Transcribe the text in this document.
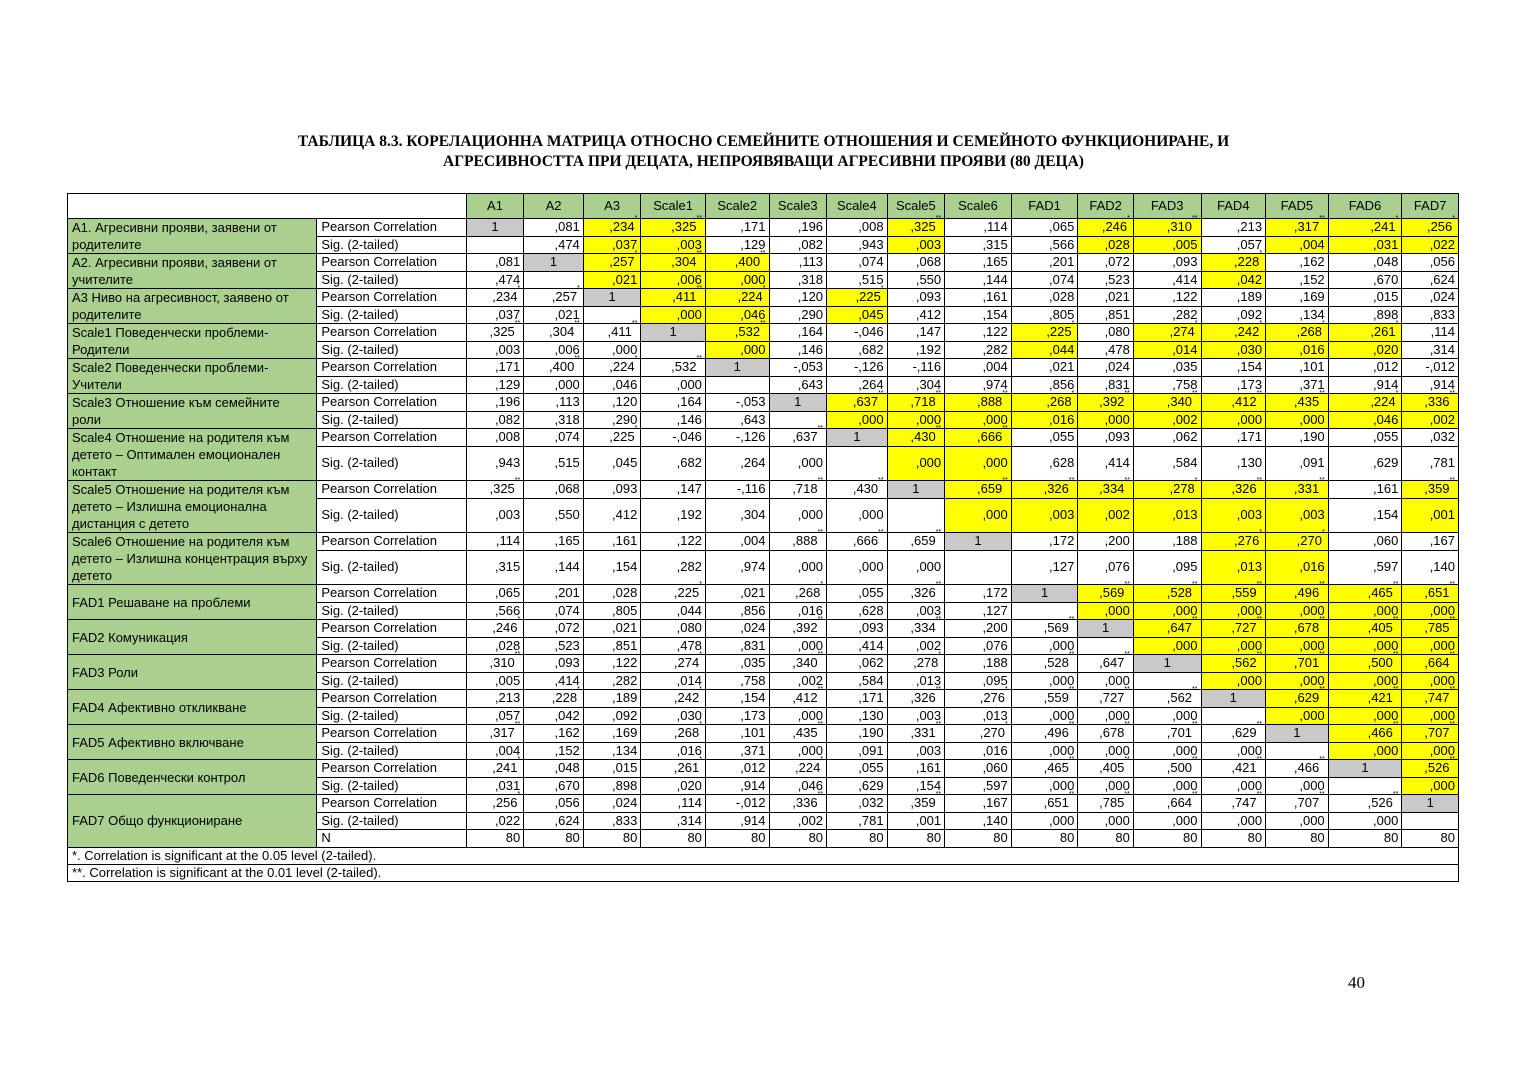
ТАБЛИЦА 8.3. КОРЕЛАЦИОННА МАТРИЦА ОТНОСНО СЕМЕЙНИТЕ ОТНОШЕНИЯ И СЕМЕЙНОТО ФУНКЦИОНИРАНЕ, И
АГРЕСИВНОСТТА ПРИ ДЕЦАТА, НЕПРОЯВЯВАЩИ АГРЕСИВНИ ПРОЯВИ (80 ДЕЦА)
		A1	A2	A3	Scale1	Scale2	Scale3	Scale4	Scale5	Scale6	FAD1	FAD2	FAD3	FAD4	FAD5	FAD6	FAD7
A1. Агресивни прояви, заявени от родителите	Pearson Correlation	1	,081	,234*	,325**	,171	,196	,008	,325**	,114	,065	,246*	,310**	,213	,317**	,241*	,256*
	Sig. (2-tailed)		,474	,037	,003	,129	,082	,943	,003	,315	,566	,028	,005	,057	,004	,031	,022
A2. Агресивни прояви, заявени от учителите	Pearson Correlation	,081	1	,257*	,304**	,400**	,113	,074	,068	,165	,201	,072	,093	,228*	,162	,048	,056
	Sig. (2-tailed)	,474		,021	,006	,000	,318	,515	,550	,144	,074	,523	,414	,042	,152	,670	,624
A3 Ниво на агресивност, заявено от родителите	Pearson Correlation	,234*	,257*	1	,411**	,224*	,120	,225*	,093	,161	,028	,021	,122	,189	,169	,015	,024
	Sig. (2-tailed)	,037	,021		,000	,046	,290	,045	,412	,154	,805	,851	,282	,092	,134	,898	,833
Scale1 Поведенчески проблеми-Родители	Pearson Correlation	,325**	,304**	,411**	1	,532**	,164	-,046	,147	,122	,225*	,080	,274*	,242*	,268*	,261*	,114
	Sig. (2-tailed)	,003	,006	,000		,000	,146	,682	,192	,282	,044	,478	,014	,030	,016	,020	,314
Scale2 Поведенчески проблеми-Учители	Pearson Correlation	,171	,400**	,224*	,532**	1	-,053	-,126	-,116	,004	,021	,024	,035	,154	,101	,012	-,012
	Sig. (2-tailed)	,129	,000	,046	,000		,643	,264	,304	,974	,856	,831	,758	,173	,371	,914	,914
Scale3 Отношение към семейните роли	Pearson Correlation	,196	,113	,120	,164	-,053	1	,637**	,718**	,888**	,268*	,392**	,340**	,412**	,435**	,224*	,336**
	Sig. (2-tailed)	,082	,318	,290	,146	,643		,000	,000	,000	,016	,000	,002	,000	,000	,046	,002
Scale4 Отношение на родителя към детето – Оптимален емоционален контакт	Pearson Correlation	,008	,074	,225*	-,046	-,126	,637**	1	,430**	,666**	,055	,093	,062	,171	,190	,055	,032
	Sig. (2-tailed)	,943	,515	,045	,682	,264	,000		,000	,000	,628	,414	,584	,130	,091	,629	,781
Scale5 Отношение на родителя към детето – Излишна емоционална дистанция с детето	Pearson Correlation	,325**	,068	,093	,147	-,116	,718**	,430**	1	,659**	,326**	,334**	,278*	,326**	,331**	,161	,359**
	Sig. (2-tailed)	,003	,550	,412	,192	,304	,000	,000		,000	,003	,002	,013	,003	,003	,154	,001
Scale6 Отношение на родителя към детето – Излишна концентрация върху детето	Pearson Correlation	,114	,165	,161	,122	,004	,888**	,666**	,659**	1	,172	,200	,188	,276*	,270*	,060	,167
	Sig. (2-tailed)	,315	,144	,154	,282	,974	,000	,000	,000		,127	,076	,095	,013	,016	,597	,140
FAD1 Решаване на проблеми	Pearson Correlation	,065	,201	,028	,225*	,021	,268*	,055	,326**	,172	1	,569**	,528**	,559**	,496**	,465**	,651**
	Sig. (2-tailed)	,566	,074	,805	,044	,856	,016	,628	,003	,127		,000	,000	,000	,000	,000	,000
FAD2 Комуникация	Pearson Correlation	,246*	,072	,021	,080	,024	,392**	,093	,334**	,200	,569**	1	,647**	,727**	,678**	,405**	,785**
	Sig. (2-tailed)	,028	,523	,851	,478	,831	,000	,414	,002	,076	,000		,000	,000	,000	,000	,000
FAD3 Роли	Pearson Correlation	,310**	,093	,122	,274*	,035	,340**	,062	,278*	,188	,528**	,647**	1	,562**	,701**	,500**	,664**
	Sig. (2-tailed)	,005	,414	,282	,014	,758	,002	,584	,013	,095	,000	,000		,000	,000	,000	,000
FAD4 Афективно откликване	Pearson Correlation	,213	,228*	,189	,242*	,154	,412**	,171	,326**	,276*	,559**	,727**	,562**	1	,629**	,421**	,747**
	Sig. (2-tailed)	,057	,042	,092	,030	,173	,000	,130	,003	,013	,000	,000	,000		,000	,000	,000
FAD5 Афективно включване	Pearson Correlation	,317**	,162	,169	,268*	,101	,435**	,190	,331**	,270*	,496**	,678**	,701**	,629**	1	,466**	,707**
	Sig. (2-tailed)	,004	,152	,134	,016	,371	,000	,091	,003	,016	,000	,000	,000	,000		,000	,000
FAD6 Поведенчески контрол	Pearson Correlation	,241*	,048	,015	,261*	,012	,224*	,055	,161	,060	,465**	,405**	,500**	,421**	,466**	1	,526**
	Sig. (2-tailed)	,031	,670	,898	,020	,914	,046	,629	,154	,597	,000	,000	,000	,000	,000		,000
FAD7 Общо функциониране	Pearson Correlation	,256*	,056	,024	,114	-,012	,336**	,032	,359**	,167	,651**	,785**	,664**	,747**	,707**	,526**	1
	Sig. (2-tailed)	,022	,624	,833	,314	,914	,002	,781	,001	,140	,000	,000	,000	,000	,000	,000	
	N	80	80	80	80	80	80	80	80	80	80	80	80	80	80	80	80
*. Correlation is significant at the 0.05 level (2-tailed).																	
**. Correlation is significant at the 0.01 level (2-tailed).																	
40
